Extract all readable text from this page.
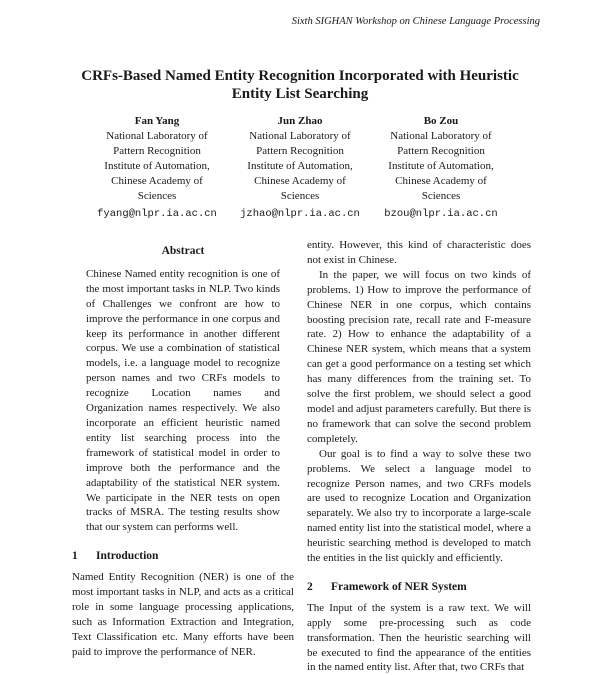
Sixth SIGHAN Workshop on Chinese Language Processing
CRFs-Based Named Entity Recognition Incorporated with Heuristic Entity List Searching
Fan Yang
National Laboratory of
Pattern Recognition
Institute of Automation,
Chinese Academy of
Sciences
fyang@nlpr.ia.ac.cn
Jun Zhao
National Laboratory of
Pattern Recognition
Institute of Automation,
Chinese Academy of
Sciences
jzhao@nlpr.ia.ac.cn
Bo Zou
National Laboratory of
Pattern Recognition
Institute of Automation,
Chinese Academy of
Sciences
bzou@nlpr.ia.ac.cn
Abstract

Chinese Named entity recognition is one of the most important tasks in NLP. Two kinds of Challenges we confront are how to improve the performance in one corpus and keep its performance in another different corpus. We use a combination of statistical models, i.e. a language model to recognize person names and two CRFs models to recognize Location names and Organization names respectively. We also incorporate an efficient heuristic named entity list searching process into the framework of statistical model in order to improve both the performance and the adaptability of the statistical NER system. We participate in the NER tests on open tracks of MSRA. The testing results show that our system can performs well.

1 Introduction

Named Entity Recognition (NER) is one of the most important tasks in NLP, and acts as a critical role in some language processing applications, such as Information Extraction and Integration, Text Classification etc. Many efforts have been paid to improve the performance of NER.

entity. However, this kind of characteristic does not exist in Chinese.

In the paper, we will focus on two kinds of problems. 1) How to improve the performance of Chinese NER in one corpus, which contains boosting precision rate, recall rate and F-measure rate. 2) How to enhance the adaptability of a Chinese NER system, which means that a system can get a good performance on a testing set which has many differences from the training set. To solve the first problem, we should select a good model and adjust parameters carefully. But there is no framework that can solve the second problem completely.

Our goal is to find a way to solve these two problems. We select a language model to recognize Person names, and two CRFs models are used to recognize Location and Organization separately. We also try to incorporate a large-scale named entity list into the statistical model, where a heuristic searching method is developed to match the entities in the list quickly and efficiently.

2 Framework of NER System

The Input of the system is a raw text. We will apply some pre-processing such as code transformation. Then the heuristic searching will be executed to find the appearance of the entities in the named entity list. After that, two CRFs that
